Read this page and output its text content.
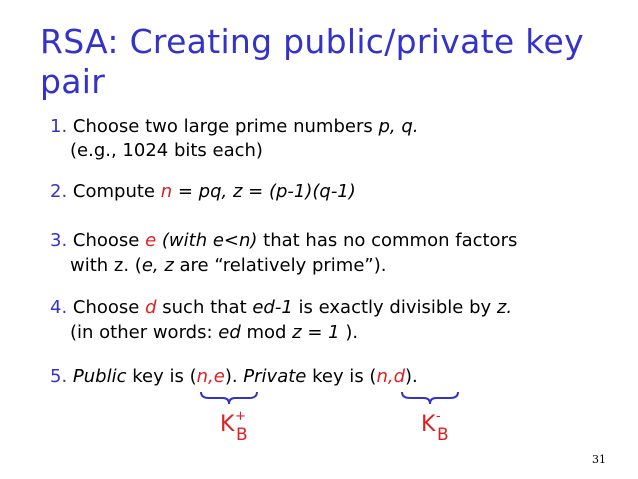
RSA: Creating public/private key pair
1. Choose two large prime numbers p, q.
(e.g., 1024 bits each)
2. Compute n = pq, z = (p-1)(q-1)
3. Choose e (with e<n) that has no common factors
with z. (e, z are “relatively prime”).
4. Choose d such that ed-1 is exactly divisible by z.
(in other words: ed mod z = 1 ).
5. Public key is (n,e). Private key is (n,d).
K +
B	K -
B
31
